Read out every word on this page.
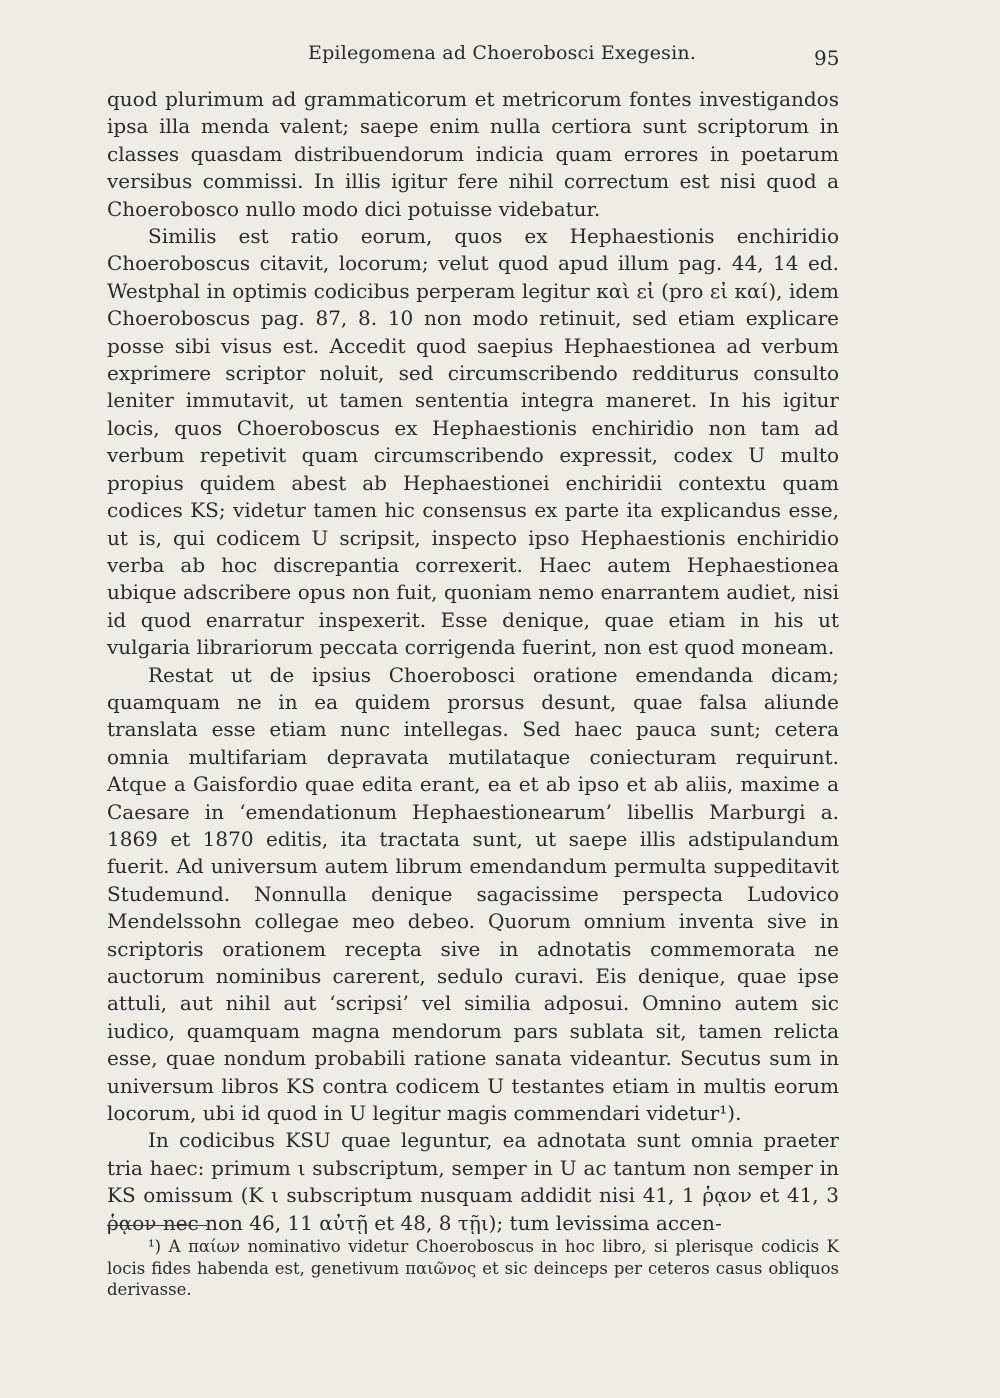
Epilegomena ad Choerobosci Exegesin.	95

quod plurimum ad grammaticorum et metricorum fontes investigandos ipsa illa menda valent; saepe enim nulla certiora sunt scriptorum in classes quasdam distribuendorum indicia quam errores in poetarum versibus commissi. In illis igitur fere nihil correctum est nisi quod a Choerobosco nullo modo dici potuisse videbatur.

Similis est ratio eorum, quos ex Hephaestionis enchiridio Choeroboscus citavit, locorum; velut quod apud illum pag. 44, 14 ed. Westphal in optimis codicibus perperam legitur καὶ εἰ (pro εἰ καί), idem Choeroboscus pag. 87, 8. 10 non modo retinuit, sed etiam explicare posse sibi visus est. Accedit quod saepius Hephaestionea ad verbum exprimere scriptor noluit, sed circumscribendo redditurus consulto leniter immutavit, ut tamen sententia integra maneret. In his igitur locis, quos Choeroboscus ex Hephaestionis enchiridio non tam ad verbum repetivit quam circumscribendo expressit, codex U multo propius quidem abest ab Hephaestionei enchiridii contextu quam codices KS; videtur tamen hic consensus ex parte ita explicandus esse, ut is, qui codicem U scripsit, inspecto ipso Hephaestionis enchiridio verba ab hoc discrepantia correxerit. Haec autem Hephaestionea ubique adscribere opus non fuit, quoniam nemo enarrantem audiet, nisi id quod enarratur inspexerit. Esse denique, quae etiam in his ut vulgaria librariorum peccata corrigenda fuerint, non est quod moneam.

Restat ut de ipsius Choerobosci oratione emendanda dicam; quamquam ne in ea quidem prorsus desunt, quae falsa aliunde translata esse etiam nunc intellegas. Sed haec pauca sunt; cetera omnia multifariam depravata mutilataque coniecturam requirunt. Atque a Gaisfordio quae edita erant, ea et ab ipso et ab aliis, maxime a Caesare in ‘emendationum Hephaestionearum’ libellis Marburgi a. 1869 et 1870 editis, ita tractata sunt, ut saepe illis adstipulandum fuerit. Ad universum autem librum emendandum permulta suppeditavit Studemund. Nonnulla denique sagacissime perspecta Ludovico Mendelssohn collegae meo debeo. Quorum omnium inventa sive in scriptoris orationem recepta sive in adnotatis commemorata ne auctorum nominibus carerent, sedulo curavi. Eis denique, quae ipse attuli, aut nihil aut ‘scripsi’ vel similia adposui. Omnino autem sic iudico, quamquam magna mendorum pars sublata sit, tamen relicta esse, quae nondum probabili ratione sanata videantur. Secutus sum in universum libros KS contra codicem U testantes etiam in multis eorum locorum, ubi id quod in U legitur magis commendari videtur¹).

In codicibus KSU quae leguntur, ea adnotata sunt omnia praeter tria haec: primum ι subscriptum, semper in U ac tantum non semper in KS omissum (K ι subscriptum nusquam addidit nisi 41, 1 ῥᾳον et 41, 3 ῥᾳον nec non 46, 11 αὐτῇ et 48, 8 τῇι); tum levissima accen-

¹) A παίων nominativo videtur Choeroboscus in hoc libro, si plerisque codicis K locis fides habenda est, genetivum παιῶνος et sic deinceps per ceteros casus obliquos derivasse.
